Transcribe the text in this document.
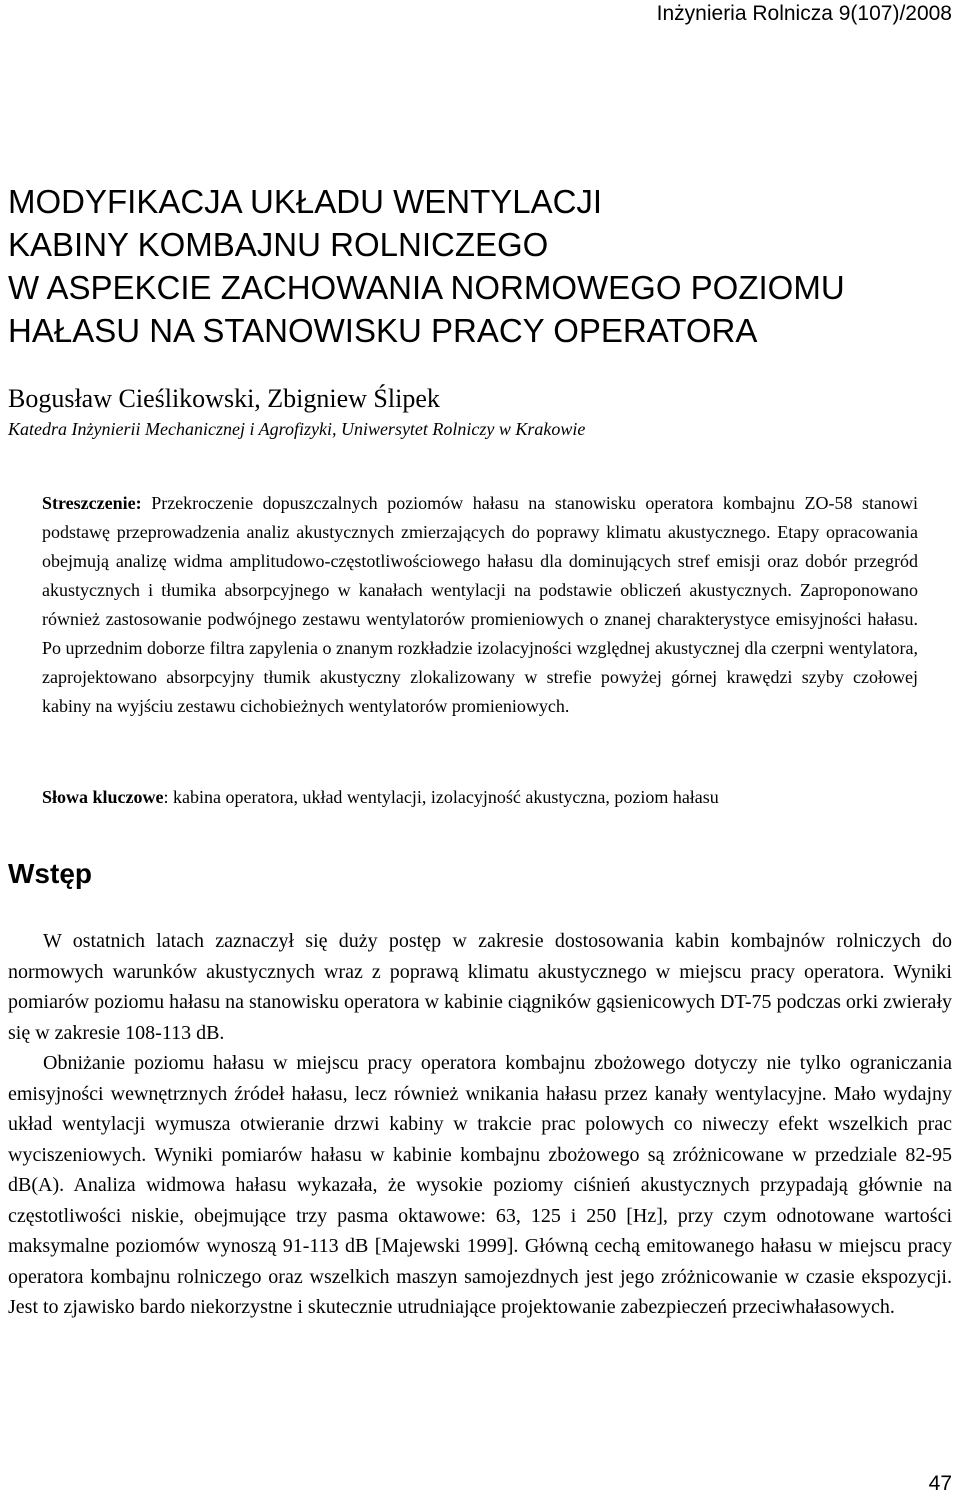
Inżynieria Rolnicza 9(107)/2008
MODYFIKACJA UKŁADU WENTYLACJI
KABINY KOMBAJNU ROLNICZEGO
W ASPEKCIE ZACHOWANIA NORMOWEGO POZIOMU
HAŁASU NA STANOWISKU PRACY OPERATORA
Bogusław Cieślikowski, Zbigniew Ślipek
Katedra Inżynierii Mechanicznej i Agrofizyki, Uniwersytet Rolniczy w Krakowie

Streszczenie: Przekroczenie dopuszczalnych poziomów hałasu na stanowisku operatora kombajnu ZO-58 stanowi podstawę przeprowadzenia analiz akustycznych zmierzających do poprawy klimatu akustycznego. Etapy opracowania obejmują analizę widma amplitudowo-częstotliwościowego hałasu dla dominujących stref emisji oraz dobór przegród akustycznych i tłumika absorpcyjnego w kanałach wentylacji na podstawie obliczeń akustycznych. Zaproponowano również zastosowanie podwójnego zestawu wentylatorów promieniowych o znanej charakterystyce emisyjności hałasu. Po uprzednim doborze filtra zapylenia o znanym rozkładzie izolacyjności względnej akustycznej dla czerpni wentylatora, zaprojektowano absorpcyjny tłumik akustyczny zlokalizowany w strefie powyżej górnej krawędzi szyby czołowej kabiny na wyjściu zestawu cichobieżnych wentylatorów promieniowych.

Słowa kluczowe: kabina operatora, układ wentylacji, izolacyjność akustyczna, poziom hałasu
Wstęp

W ostatnich latach zaznaczył się duży postęp w zakresie dostosowania kabin kombajnów rolniczych do normowych warunków akustycznych wraz z poprawą klimatu akustycznego w miejscu pracy operatora. Wyniki pomiarów poziomu hałasu na stanowisku operatora w kabinie ciągników gąsienicowych DT-75 podczas orki zwierały się w zakresie 108-113 dB.

Obniżanie poziomu hałasu w miejscu pracy operatora kombajnu zbożowego dotyczy nie tylko ograniczania emisyjności wewnętrznych źródeł hałasu, lecz również wnikania hałasu przez kanały wentylacyjne. Mało wydajny układ wentylacji wymusza otwieranie drzwi kabiny w trakcie prac polowych co niweczy efekt wszelkich prac wyciszeniowych. Wyniki pomiarów hałasu w kabinie kombajnu zbożowego są zróżnicowane w przedziale 82-95 dB(A). Analiza widmowa hałasu wykazała, że wysokie poziomy ciśnień akustycznych przypadają głównie na częstotliwości niskie, obejmujące trzy pasma oktawowe: 63, 125 i 250 [Hz], przy czym odnotowane wartości maksymalne poziomów wynoszą 91-113 dB [Majewski 1999]. Główną cechą emitowanego hałasu w miejscu pracy operatora kombajnu rolniczego oraz wszelkich maszyn samojezdnych jest jego zróżnicowanie w czasie ekspozycji. Jest to zjawisko bardo niekorzystne i skutecznie utrudniające projektowanie zabezpieczeń przeciwhałasowych.

47
